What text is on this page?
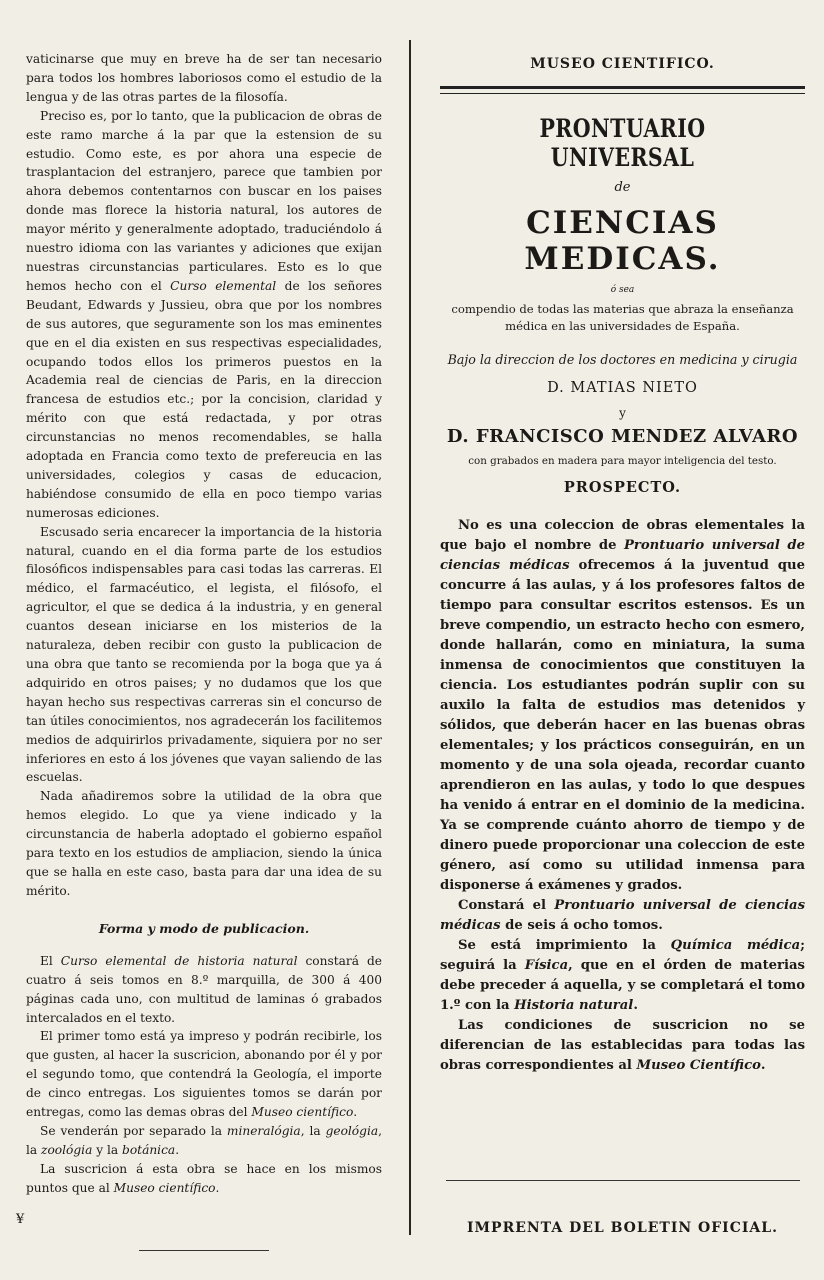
vaticinarse que muy en breve ha de ser tan necesario para todos los hombres laboriosos como el estudio de la lengua y de las otras partes de la filosofía.

Preciso es, por lo tanto, que la publicacion de obras de este ramo marche á la par que la estension de su estudio. Como este, es por ahora una especie de trasplantacion del estranjero, parece que tambien por ahora debemos contentarnos con buscar en los paises donde mas florece la historia natural, los autores de mayor mérito y generalmente adoptado, traduciéndolo á nuestro idioma con las variantes y adiciones que exijan nuestras circunstancias particulares. Esto es lo que hemos hecho con el Curso elemental de los señores Beudant, Edwards y Jussieu, obra que por los nombres de sus autores, que seguramente son los mas eminentes que en el dia existen en sus respectivas especialidades, ocupando todos ellos los primeros puestos en la Academia real de ciencias de Paris, en la direccion francesa de estudios etc.; por la concision, claridad y mérito con que está redactada, y por otras circunstancias no menos recomendables, se halla adoptada en Francia como texto de prefereucia en las universidades, colegios y casas de educacion, habiéndose consumido de ella en poco tiempo varias numerosas ediciones.

Escusado seria encarecer la importancia de la historia natural, cuando en el dia forma parte de los estudios filosóficos indispensables para casi todas las carreras. El médico, el farmacéutico, el legista, el filósofo, el agricultor, el que se dedica á la industria, y en general cuantos desean iniciarse en los misterios de la naturaleza, deben recibir con gusto la publicacion de una obra que tanto se recomienda por la boga que ya á adquirido en otros paises; y no dudamos que los que hayan hecho sus respectivas carreras sin el concurso de tan útiles conocimientos, nos agradecerán los facilitemos medios de adquirirlos privadamente, siquiera por no ser inferiores en esto á los jóvenes que vayan saliendo de las escuelas.

Nada añadiremos sobre la utilidad de la obra que hemos elegido. Lo que ya viene indicado y la circunstancia de haberla adoptado el gobierno español para texto en los estudios de ampliacion, siendo la única que se halla en este caso, basta para dar una idea de su mérito.

Forma y modo de publicacion.

El Curso elemental de historia natural constará de cuatro á seis tomos en 8.º marquilla, de 300 á 400 páginas cada uno, con multitud de laminas ó grabados intercalados en el texto.

El primer tomo está ya impreso y podrán recibirle, los que gusten, al hacer la suscricion, abonando por él y por el segundo tomo, que contendrá la Geología, el importe de cinco entregas. Los siguientes tomos se darán por entregas, como las demas obras del Museo científico.

Se venderán por separado la mineralógia, la geológia, la zoológia y la botánica.

La suscricion á esta obra se hace en los mismos puntos que al Museo científico.

¥
MUSEO CIENTIFICO.
PRONTUARIO UNIVERSAL
de
CIENCIAS MEDICAS.
ó sea

compendio de todas las materias que abraza la enseñanza médica en las universidades de España.

Bajo la direccion de los doctores en medicina y cirugia

D. MATIAS NIETO
y
D. FRANCISCO MENDEZ ALVARO
con grabados en madera para mayor inteligencia del testo.
PROSPECTO.

No es una coleccion de obras elementales la que bajo el nombre de Prontuario universal de ciencias médicas ofrecemos á la juventud que concurre á las aulas, y á los profesores faltos de tiempo para consultar escritos estensos. Es un breve compendio, un estracto hecho con esmero, donde hallarán, como en miniatura, la suma inmensa de conocimientos que constituyen la ciencia. Los estudiantes podrán suplir con su auxilo la falta de estudios mas detenidos y sólidos, que deberán hacer en las buenas obras elementales; y los prácticos conseguirán, en un momento y de una sola ojeada, recordar cuanto aprendieron en las aulas, y todo lo que despues ha venido á entrar en el dominio de la medicina. Ya se comprende cuánto ahorro de tiempo y de dinero puede proporcionar una coleccion de este género, así como su utilidad inmensa para disponerse á exámenes y grados.

Constará el Prontuario universal de ciencias médicas de seis á ocho tomos.

Se está imprimiento la Química médica; seguirá la Física, que en el órden de materias debe preceder á aquella, y se completará el tomo 1.º con la Historia natural.

Las condiciones de suscricion no se diferencian de las establecidas para todas las obras correspondientes al Museo Científico.

IMPRENTA DEL BOLETIN OFICIAL.
